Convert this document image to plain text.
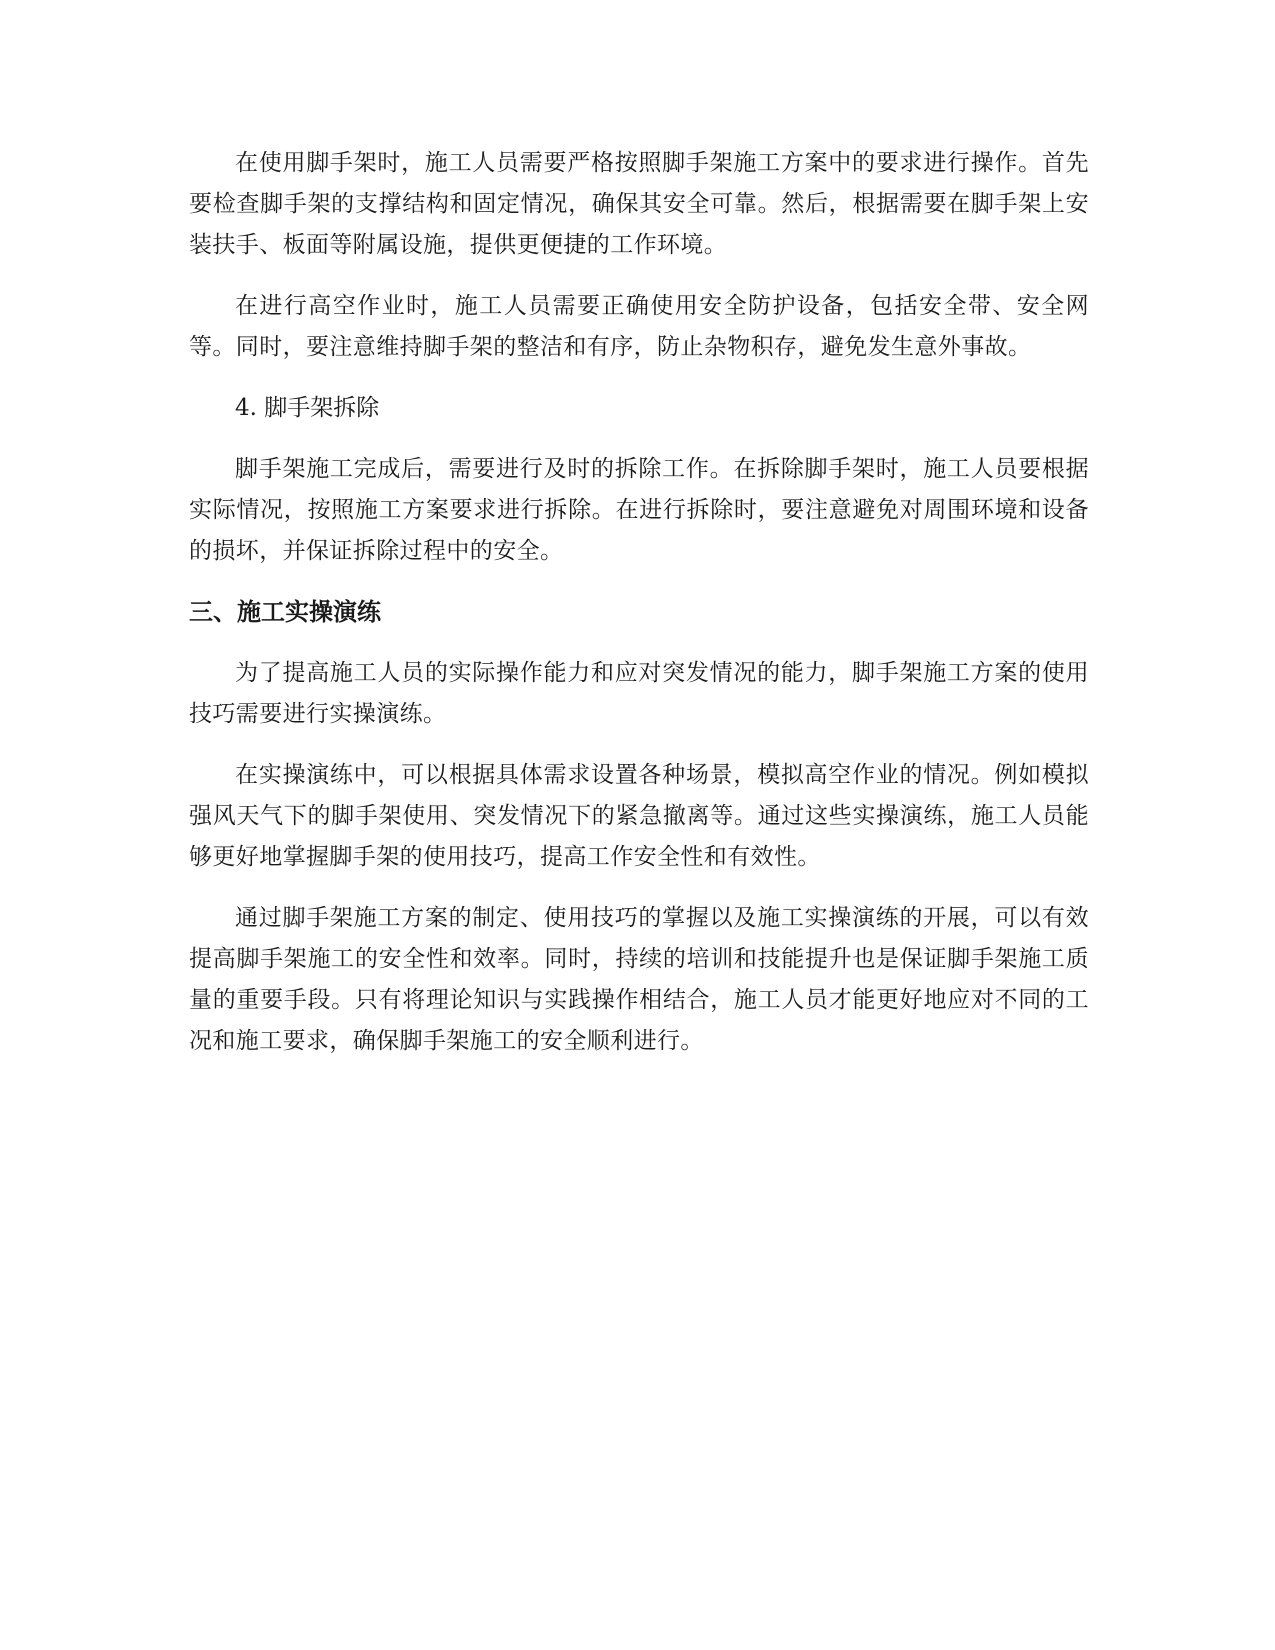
在使用脚手架时，施工人员需要严格按照脚手架施工方案中的要求进行操作。首先要检查脚手架的支撑结构和固定情况，确保其安全可靠。然后，根据需要在脚手架上安装扶手、板面等附属设施，提供更便捷的工作环境。

在进行高空作业时，施工人员需要正确使用安全防护设备，包括安全带、安全网等。同时，要注意维持脚手架的整洁和有序，防止杂物积存，避免发生意外事故。

4. 脚手架拆除

脚手架施工完成后，需要进行及时的拆除工作。在拆除脚手架时，施工人员要根据实际情况，按照施工方案要求进行拆除。在进行拆除时，要注意避免对周围环境和设备的损坏，并保证拆除过程中的安全。

三、施工实操演练

为了提高施工人员的实际操作能力和应对突发情况的能力，脚手架施工方案的使用技巧需要进行实操演练。

在实操演练中，可以根据具体需求设置各种场景，模拟高空作业的情况。例如模拟强风天气下的脚手架使用、突发情况下的紧急撤离等。通过这些实操演练，施工人员能够更好地掌握脚手架的使用技巧，提高工作安全性和有效性。

通过脚手架施工方案的制定、使用技巧的掌握以及施工实操演练的开展，可以有效提高脚手架施工的安全性和效率。同时，持续的培训和技能提升也是保证脚手架施工质量的重要手段。只有将理论知识与实践操作相结合，施工人员才能更好地应对不同的工况和施工要求，确保脚手架施工的安全顺利进行。
